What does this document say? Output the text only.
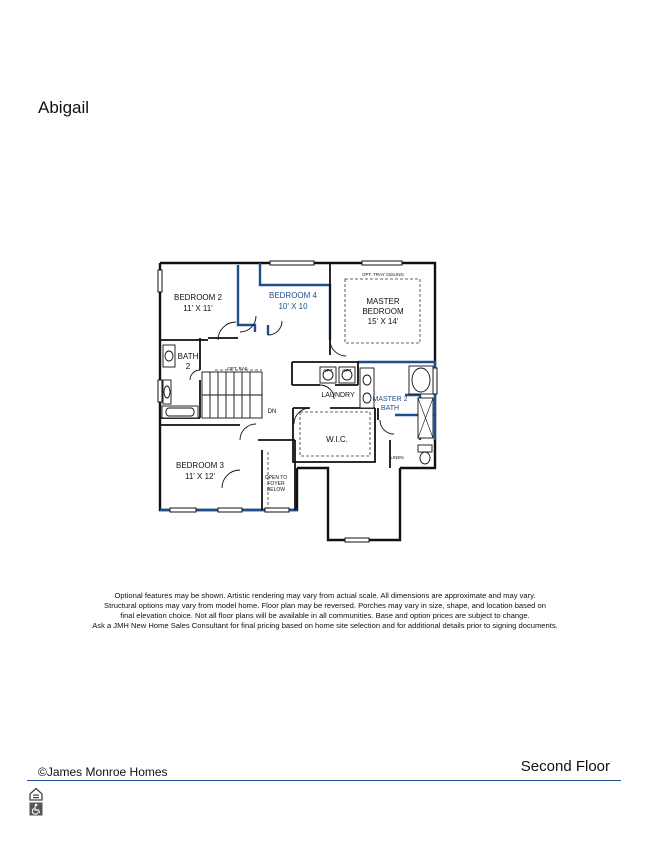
Abigail
BEDROOM 2
11' X 11'
BEDROOM 4
10' X 10
MASTER
BEDROOM
15' X 14'
BATH
2
LAUNDRY
MASTER 2
BATH
W.I.C.
BEDROOM 3
11' X 12'	OPEN TO
FOYER
BELOW
OPT. TRAY CEILING
OPT. RAIL
DN
OPT OPT
LINEN
Optional features may be shown. Artistic rendering may vary from actual scale. All dimensions are approximate and may vary.
Structural options may vary from model home. Floor plan may be reversed. Porches may vary in size, shape, and location based on
final elevation choice. Not all floor plans will be available in all communities. Base and option prices are subject to change.
Ask a JMH New Home Sales Consultant for final pricing based on home site selection and for additional details prior to signing documents.
©James Monroe Homes	Second Floor
